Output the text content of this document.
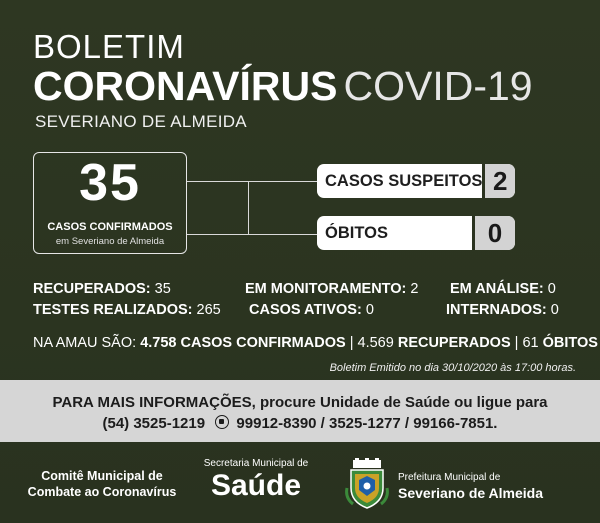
BOLETIM
CORONAVÍRUS COVID-19
SEVERIANO DE ALMEIDA
35
CASOS CONFIRMADOS
em Severiano de Almeida
CASOS SUSPEITOS 2
ÓBITOS	0
RECUPERADOS: 35	EM MONITORAMENTO: 2 EM ANÁLISE: 0
TESTES REALIZADOS: 265 CASOS ATIVOS: 0	INTERNADOS: 0
NA AMAU SÃO: 4.758 CASOS CONFIRMADOS | 4.569 RECUPERADOS | 61 ÓBITOS
Boletim Emitido no dia 30/10/2020 às 17:00 horas.
PARA MAIS INFORMAÇÕES, procure Unidade de Saúde ou ligue para
(54) 3525-1219 99912-8390 / 3525-1277 / 99166-7851.
Comitê Municipal de
Combate ao Coronavírus
Secretaria Municipal de
Saúde	Prefeitura Municipal de
Severiano de Almeida
